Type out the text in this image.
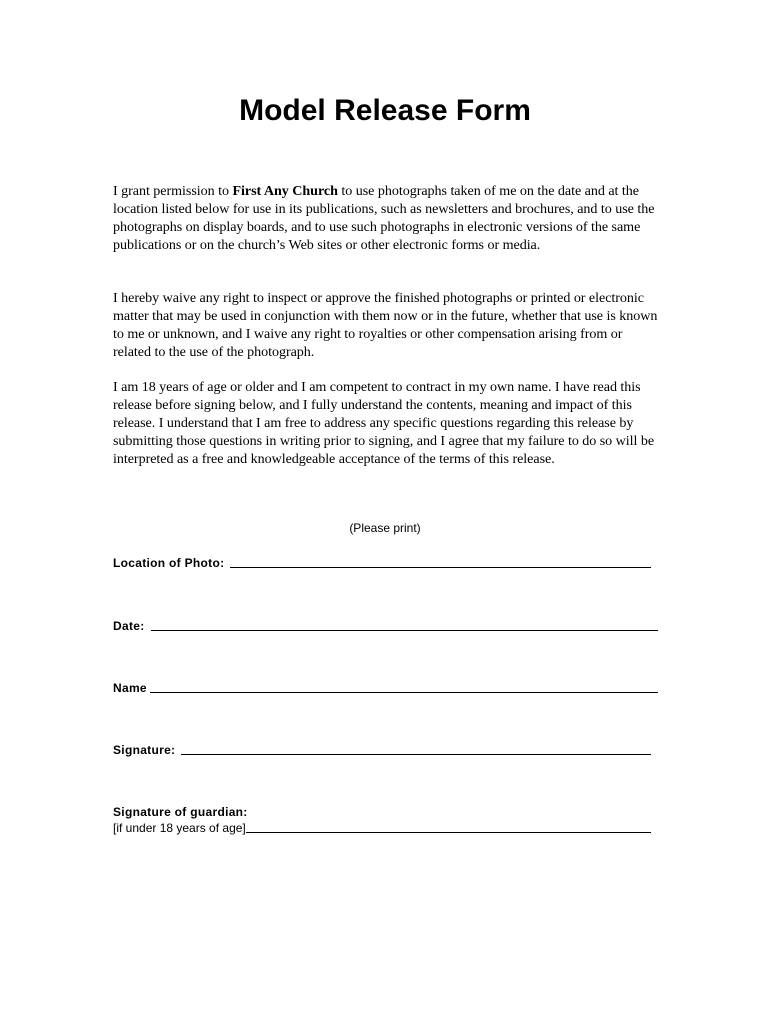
Model Release Form

I grant permission to First Any Church to use photographs taken of me on the date and at the location listed below for use in its publications, such as newsletters and brochures, and to use the photographs on display boards, and to use such photographs in electronic versions of the same publications or on the church’s Web sites or other electronic forms or media.

I hereby waive any right to inspect or approve the finished photographs or printed or electronic matter that may be used in conjunction with them now or in the future, whether that use is known to me or unknown, and I waive any right to royalties or other compensation arising from or related to the use of the photograph.

I am 18 years of age or older and I am competent to contract in my own name. I have read this release before signing below, and I fully understand the contents, meaning and impact of this release. I understand that I am free to address any specific questions regarding this release by submitting those questions in writing prior to signing, and I agree that my failure to do so will be interpreted as a free and knowledgeable acceptance of the terms of this release.

(Please print)
Location of Photo:
Date:
Name
Signature:
Signature of guardian:
[if under 18 years of age]
